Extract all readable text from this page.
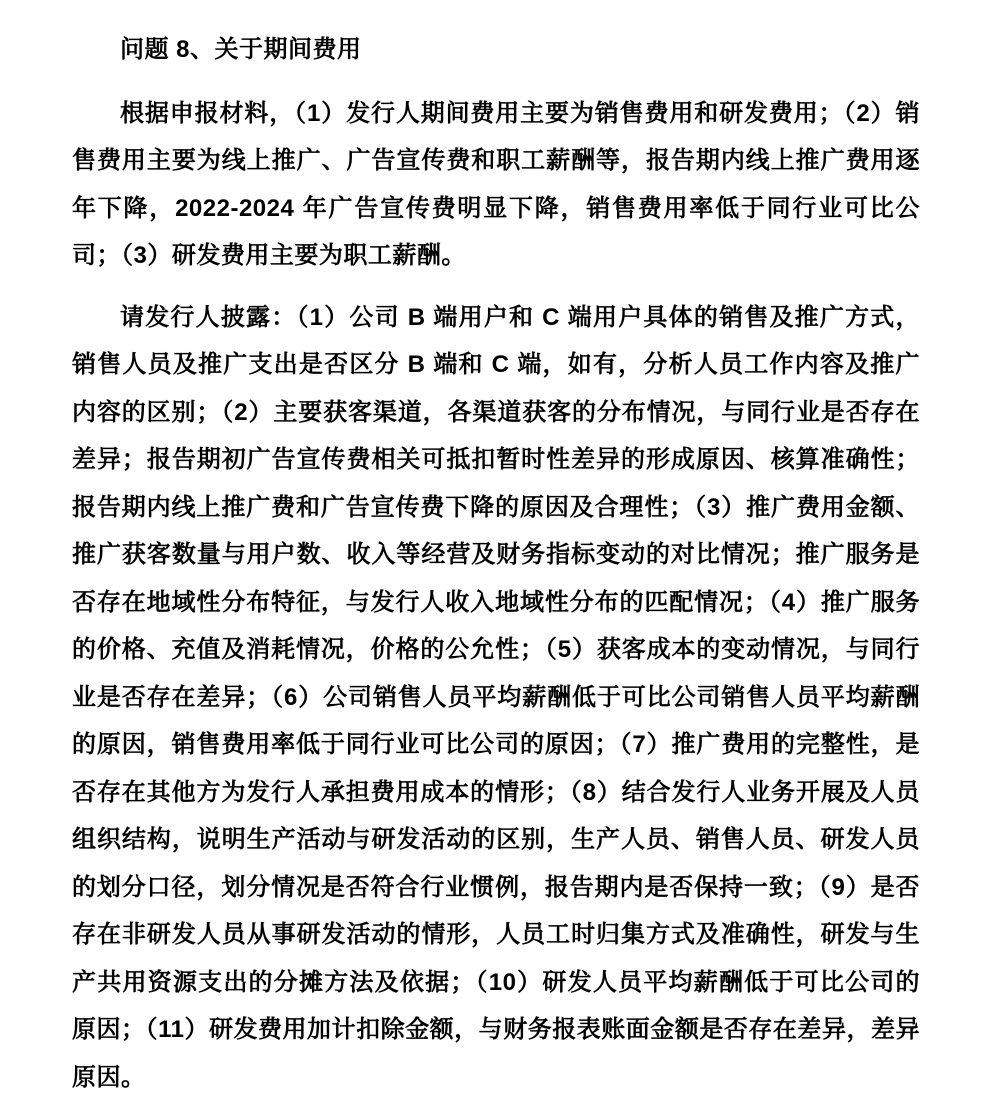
问题 8、关于期间费用

根据申报材料，（1）发行人期间费用主要为销售费用和研发费用；（2）销售费用主要为线上推广、广告宣传费和职工薪酬等，报告期内线上推广费用逐年下降，2022-2024 年广告宣传费明显下降，销售费用率低于同行业可比公司；（3）研发费用主要为职工薪酬。

请发行人披露：（1）公司 B 端用户和 C 端用户具体的销售及推广方式，销售人员及推广支出是否区分 B 端和 C 端，如有，分析人员工作内容及推广内容的区别；（2）主要获客渠道，各渠道获客的分布情况，与同行业是否存在差异；报告期初广告宣传费相关可抵扣暂时性差异的形成原因、核算准确性；报告期内线上推广费和广告宣传费下降的原因及合理性；（3）推广费用金额、推广获客数量与用户数、收入等经营及财务指标变动的对比情况；推广服务是否存在地域性分布特征，与发行人收入地域性分布的匹配情况；（4）推广服务的价格、充值及消耗情况，价格的公允性；（5）获客成本的变动情况，与同行业是否存在差异；（6）公司销售人员平均薪酬低于可比公司销售人员平均薪酬的原因，销售费用率低于同行业可比公司的原因；（7）推广费用的完整性，是否存在其他方为发行人承担费用成本的情形；（8）结合发行人业务开展及人员组织结构，说明生产活动与研发活动的区别，生产人员、销售人员、研发人员的划分口径，划分情况是否符合行业惯例，报告期内是否保持一致；（9）是否存在非研发人员从事研发活动的情形，人员工时归集方式及准确性，研发与生产共用资源支出的分摊方法及依据；（10）研发人员平均薪酬低于可比公司的原因；（11）研发费用加计扣除金额，与财务报表账面金额是否存在差异，差异原因。
